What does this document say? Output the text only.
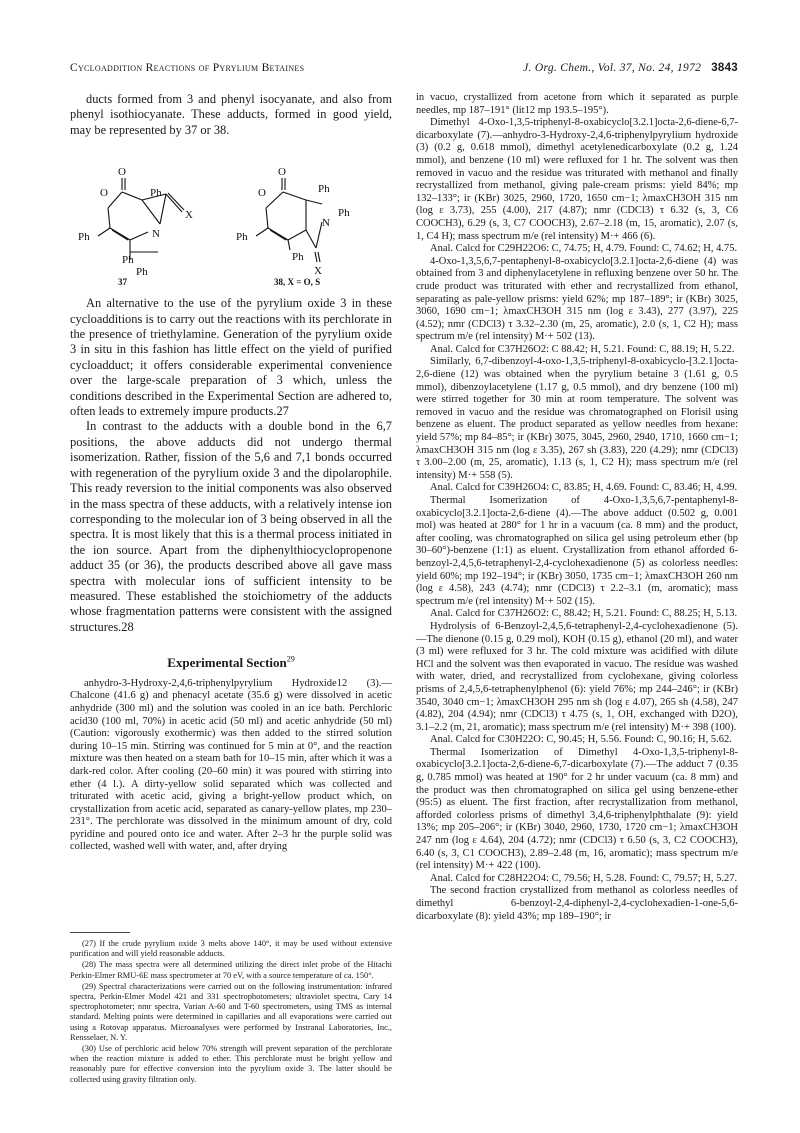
Cycloaddition Reactions of Pyrylium Betaines	J. Org. Chem., Vol. 37, No. 24, 1972 3843

ducts formed from 3 and phenyl isocyanate, and also from phenyl isothiocyanate. These adducts, formed in good yield, may be represented by 37 or 38.

O
O	Ph
X
N
Ph
Ph
Ph
O
O	Ph
N
Ph
Ph
Ph
X
37	38, X = O, S

An alternative to the use of the pyrylium oxide 3 in these cycloadditions is to carry out the reactions with its perchlorate in the presence of triethylamine. Generation of the pyrylium oxide 3 in situ in this fashion has little effect on the yield of purified cycloadduct; it offers considerable experimental convenience over the large-scale preparation of 3 which, unless the conditions described in the Experimental Section are adhered to, often leads to extremely impure products.27

In contrast to the adducts with a double bond in the 6,7 positions, the above adducts did not undergo thermal isomerization. Rather, fission of the 5,6 and 7,1 bonds occurred with regeneration of the pyrylium oxide 3 and the dipolarophile. This ready reversion to the initial components was also observed in the mass spectra of these adducts, with a relatively intense ion corresponding to the molecular ion of 3 being observed in all the spectra. It is most likely that this is a thermal process initiated in the ion source. Apart from the diphenylthiocyclopropenone adduct 35 (or 36), the products described above all gave mass spectra with molecular ions of sufficient intensity to be measured. These established the stoichiometry of the adducts whose fragmentation patterns were consistent with the assigned structures.28

Experimental Section$^{29}$

anhydro-3-Hydroxy-2,4,6-triphenylpyrylium Hydroxide12 (3).—Chalcone (41.6 g) and phenacyl acetate (35.6 g) were dissolved in acetic anhydride (300 ml) and the solution was cooled in an ice bath. Perchloric acid30 (100 ml, 70%) in acetic acid (50 ml) and acetic anhydride (50 ml) (Caution: vigorously exothermic) was then added to the stirred solution during 10–15 min. Stirring was continued for 5 min at 0°, and the reaction mixture was then heated on a steam bath for 10–15 min, after which it was a dark-red color. After cooling (20–60 min) it was poured with stirring into ether (4 l.). A dirty-yellow solid separated which was collected and triturated with acetic acid, giving a bright-yellow product which, on crystallization from acetic acid, separated as canary-yellow plates, mp 230–231°. The perchlorate was dissolved in the minimum amount of dry, cold pyridine and poured onto ice and water. After 2–3 hr the purple solid was collected, washed well with water, and, after drying

(27) If the crude pyrylium oxide 3 melts above 140°, it may be used without extensive purification and will yield reasonable adducts.

(28) The mass spectra were all determined utilizing the direct inlet probe of the Hitachi Perkin-Elmer RMU-6E mass spectrometer at 70 eV, with a source temperature of ca. 150°.

(29) Spectral characterizations were carried out on the following instrumentation: infrared spectra, Perkin-Elmer Model 421 and 331 spectrophotometers; ultraviolet spectra, Cary 14 spectrophotometer; nmr spectra, Varian A-60 and T-60 spectrometers, using TMS as internal standard. Melting points were determined in capillaries and all evaporations were carried out using a Rotovap apparatus. Microanalyses were performed by Instranal Laboratories, Inc., Rensselaer, N. Y.

(30) Use of perchloric acid below 70% strength will prevent separation of the perchlorate when the reaction mixture is added to ether. This perchlorate must be bright yellow and reasonably pure for effective conversion into the pyrylium oxide 3. The latter should be collected using gravity filtration only.

in vacuo, crystallized from acetone from which it separated as purple needles, mp 187–191° (lit12 mp 193.5–195°).

Dimethyl 4-Oxo-1,3,5-triphenyl-8-oxabicyclo[3.2.1]octa-2,6-diene-6,7-dicarboxylate (7).—anhydro-3-Hydroxy-2,4,6-triphenylpyrylium hydroxide (3) (0.2 g, 0.618 mmol), dimethyl acetylenedicarboxylate (0.2 g, 1.24 mmol), and benzene (10 ml) were refluxed for 1 hr. The solvent was then removed in vacuo and the residue was triturated with methanol and finally recrystallized from methanol, giving pale-cream prisms: yield 84%; mp 132–133°; ir (KBr) 3025, 2960, 1720, 1650 cm−1; λmaxCH3OH 315 nm (log ε 3.73), 255 (4.00), 217 (4.87); nmr (CDCl3) τ 6.32 (s, 3, C6 COOCH3), 6.29 (s, 3, C7 COOCH3), 2.67–2.18 (m, 15, aromatic), 2.07 (s, 1, C4 H); mass spectrum m/e (rel intensity) M·+ 466 (6).

Anal. Calcd for C29H22O6: C, 74.75; H, 4.79. Found: C, 74.62; H, 4.75.

4-Oxo-1,3,5,6,7-pentaphenyl-8-oxabicyclo[3.2.1]octa-2,6-diene (4) was obtained from 3 and diphenylacetylene in refluxing benzene over 50 hr. The crude product was triturated with ether and recrystallized from ethanol, separating as pale-yellow prisms: yield 62%; mp 187–189°; ir (KBr) 3025, 3060, 1690 cm−1; λmaxCH3OH 315 nm (log ε 3.43), 277 (3.97), 225 (4.52); nmr (CDCl3) τ 3.32–2.30 (m, 25, aromatic), 2.0 (s, 1, C2 H); mass spectrum m/e (rel intensity) M·+ 502 (13).

Anal. Calcd for C37H26O2: C 88.42; H, 5.21. Found: C, 88.19; H, 5.22.

Similarly, 6,7-dibenzoyl-4-oxo-1,3,5-triphenyl-8-oxabicyclo-[3.2.1]octa-2,6-diene (12) was obtained when the pyrylium betaine 3 (1.61 g, 0.5 mmol), dibenzoylacetylene (1.17 g, 0.5 mmol), and dry benzene (100 ml) were stirred together for 30 min at room temperature. The solvent was removed in vacuo and the residue was chromatographed on Florisil using benzene as eluent. The product separated as yellow needles from hexane: yield 57%; mp 84–85°; ir (KBr) 3075, 3045, 2960, 2940, 1710, 1660 cm−1; λmaxCH3OH 315 nm (log ε 3.35), 267 sh (3.83), 220 (4.29); nmr (CDCl3) τ 3.00–2.00 (m, 25, aromatic), 1.13 (s, 1, C2 H); mass spectrum m/e (rel intensity) M·+ 558 (5).

Anal. Calcd for C39H26O4: C, 83.85; H, 4.69. Found: C, 83.46; H, 4.99.

Thermal Isomerization of 4-Oxo-1,3,5,6,7-pentaphenyl-8-oxabicyclo[3.2.1]octa-2,6-diene (4).—The above adduct (0.502 g, 0.001 mol) was heated at 280° for 1 hr in a vacuum (ca. 8 mm) and the product, after cooling, was chromatographed on silica gel using petroleum ether (bp 30–60°)-benzene (1:1) as eluent. Crystallization from ethanol afforded 6-benzoyl-2,4,5,6-tetraphenyl-2,4-cyclohexadienone (5) as colorless needles: yield 60%; mp 192–194°; ir (KBr) 3050, 1735 cm−1; λmaxCH3OH 260 nm (log ε 4.58), 243 (4.74); nmr (CDCl3) τ 2.2–3.1 (m, aromatic); mass spectrum m/e (rel intensity) M·+ 502 (15).

Anal. Calcd for C37H26O2: C, 88.42; H, 5.21. Found: C, 88.25; H, 5.13.

Hydrolysis of 6-Benzoyl-2,4,5,6-tetraphenyl-2,4-cyclohexadienone (5).—The dienone (0.15 g, 0.29 mol), KOH (0.15 g), ethanol (20 ml), and water (3 ml) were refluxed for 3 hr. The cold mixture was acidified with dilute HCl and the solvent was then evaporated in vacuo. The residue was washed with water, dried, and recrystallized from cyclohexane, giving colorless prisms of 2,4,5,6-tetraphenylphenol (6): yield 76%; mp 244–246°; ir (KBr) 3540, 3040 cm−1; λmaxCH3OH 295 nm sh (log ε 4.07), 265 sh (4.58), 247 (4.82), 204 (4.94); nmr (CDCl3) τ 4.75 (s, 1, OH, exchanged with D2O), 3.1–2.2 (m, 21, aromatic); mass spectrum m/e (rel intensity) M·+ 398 (100).

Anal. Calcd for C30H22O: C, 90.45; H, 5.56. Found: C, 90.16; H, 5.62.

Thermal Isomerization of Dimethyl 4-Oxo-1,3,5-triphenyl-8-oxabicyclo[3.2.1]octa-2,6-diene-6,7-dicarboxylate (7).—The adduct 7 (0.35 g, 0.785 mmol) was heated at 190° for 2 hr under vacuum (ca. 8 mm) and the product was then chromatographed on silica gel using benzene-ether (95:5) as eluent. The first fraction, after recrystallization from methanol, afforded colorless prisms of dimethyl 3,4,6-triphenylphthalate (9): yield 13%; mp 205–206°; ir (KBr) 3040, 2960, 1730, 1720 cm−1; λmaxCH3OH 247 nm (log ε 4.64), 204 (4.72); nmr (CDCl3) τ 6.50 (s, 3, C2 COOCH3), 6.40 (s, 3, C1 COOCH3), 2.89–2.48 (m, 16, aromatic); mass spectrum m/e (rel intensity) M·+ 422 (100).

Anal. Calcd for C28H22O4: C, 79.56; H, 5.28. Found: C, 79.57; H, 5.27.

The second fraction crystallized from methanol as colorless needles of dimethyl 6-benzoyl-2,4-diphenyl-2,4-cyclohexadien-1-one-5,6-dicarboxylate (8): yield 43%; mp 189–190°; ir
